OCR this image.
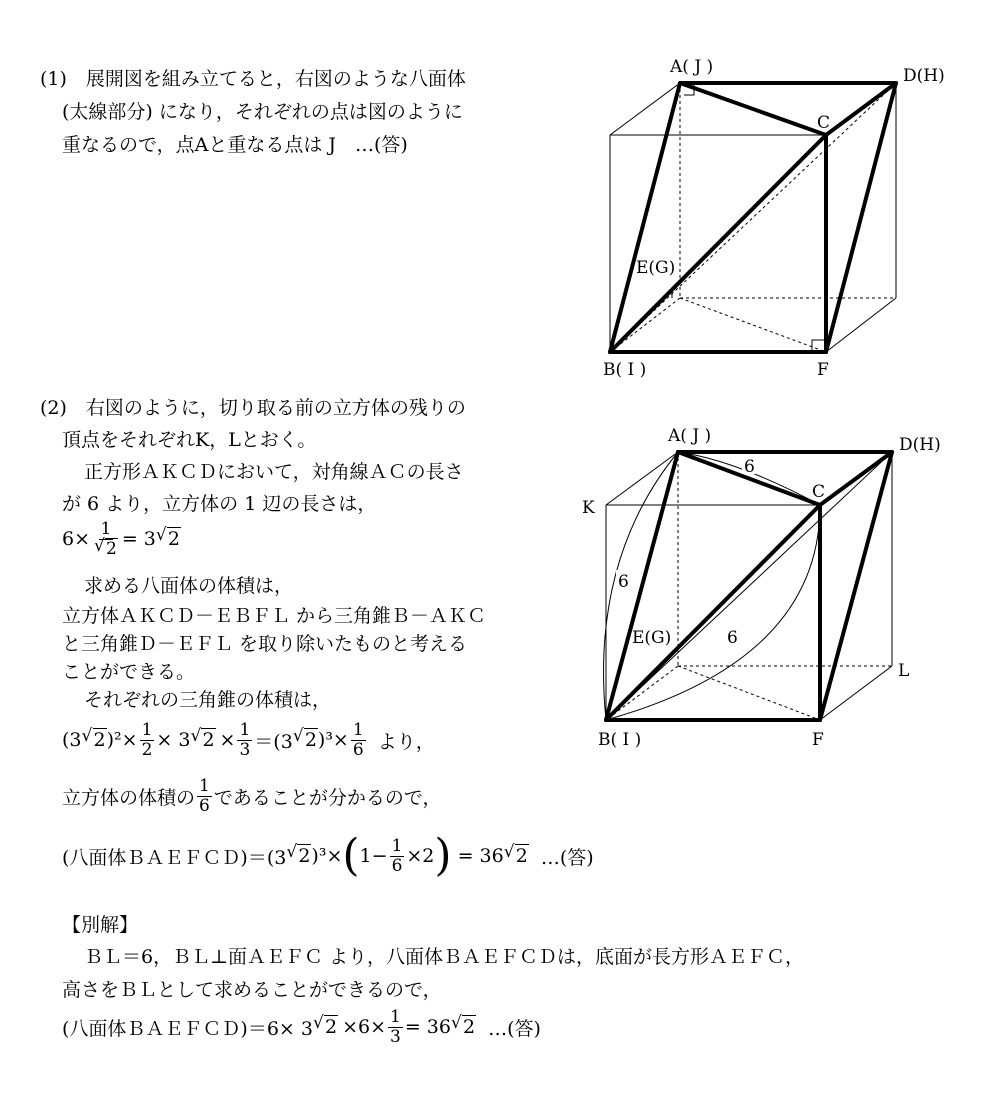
(1)　展開図を組み立てると，右図のような八面体
(太線部分) になり，それぞれの点は図のように
重なるので，点Aと重なる点は J　…(答)
A( J )	D(H)
C
E(G)
B( I )	F
(2)　右図のように，切り取る前の立方体の残りの
頂点をそれぞれK，Lとおく。
正方形ＡＫＣＤにおいて，対角線ＡＣの長さ
が 6 より，立方体の 1 辺の長さは，
6× 1
√ 2 = 3 √ 2
求める八面体の体積は，
立方体ＡＫＣＤ－ＥＢＦＬ から三角錐Ｂ－ＡＫＣ
と三角錐Ｄ－ＥＦＬ を取り除いたものと考える
ことができる。
それぞれの三角錐の体積は，
(3 √ 2 )$^2\times \frac{1}{2} \times 3$ √ $2 \times \frac{1}{3} =(3$ √ 2 )$^3\times \frac{1}{6}$ より，
立方体の体積の $\frac{1}{6}$ であることが分かるので，
(八面体ＢＡＥＦＣＤ)＝(3 √ 2 )³× ( $1- \frac{1}{6} \times 2$ ) = 36 √ 2 …(答)
A( J )	D(H)
C
K
E(G)
L
B( I )	F
6
6
6
【別解】
ＢＬ＝6，ＢＬ⊥面ＡＥＦＣ より，八面体ＢＡＥＦＣＤは，底面が長方形ＡＥＦＣ，
高さをＢＬとして求めることができるので，
(八面体ＢＡＥＦＣＤ)＝6× 3 √ $2 \times 6\times \frac{1}{3} = 36$ √ 2 …(答)
